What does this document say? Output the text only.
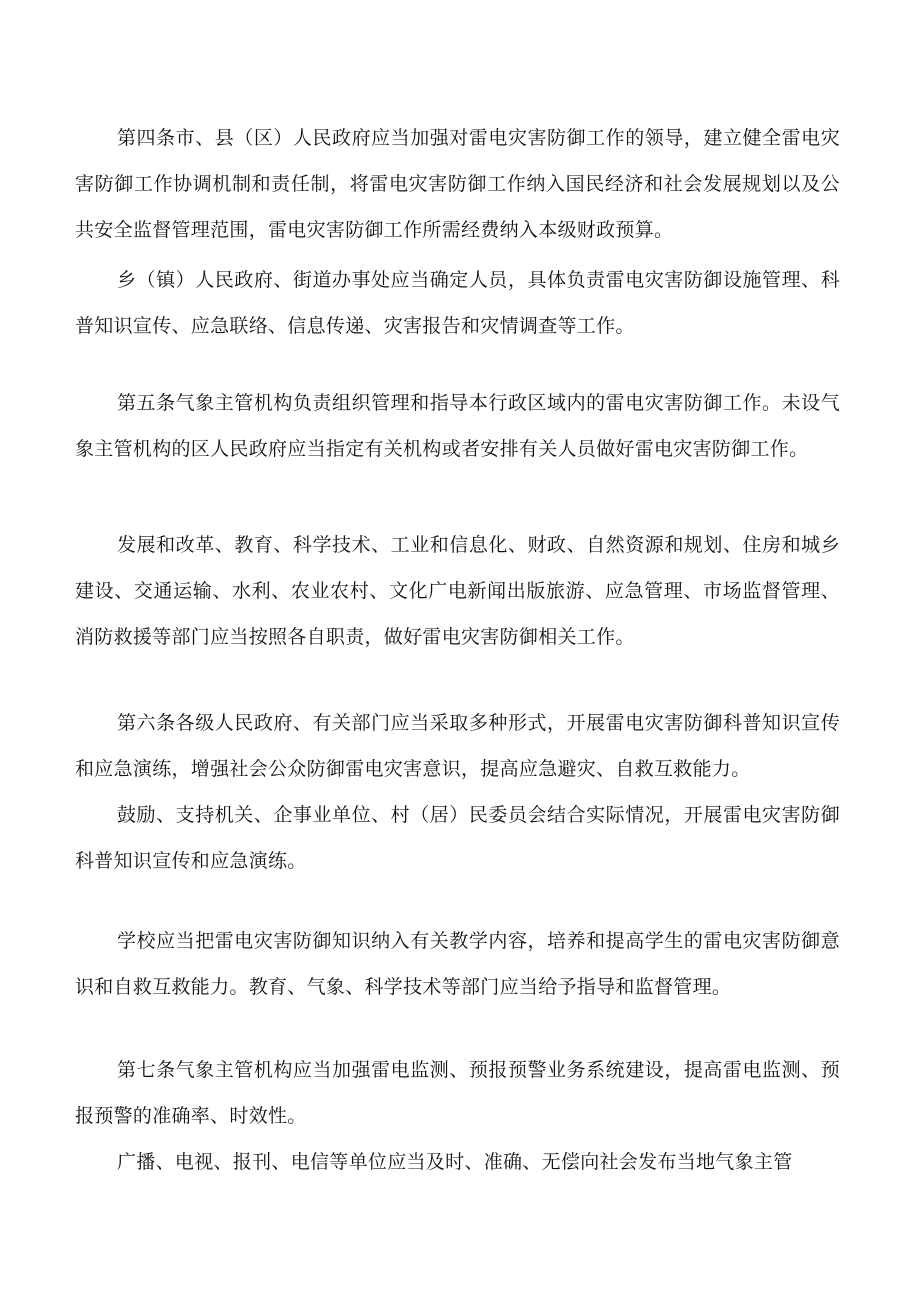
第四条市、县（区）人民政府应当加强对雷电灾害防御工作的领导，建立健全雷电灾害防御工作协调机制和责任制，将雷电灾害防御工作纳入国民经济和社会发展规划以及公共安全监督管理范围，雷电灾害防御工作所需经费纳入本级财政预算。

乡（镇）人民政府、街道办事处应当确定人员，具体负责雷电灾害防御设施管理、科普知识宣传、应急联络、信息传递、灾害报告和灾情调查等工作。

第五条气象主管机构负责组织管理和指导本行政区域内的雷电灾害防御工作。未设气象主管机构的区人民政府应当指定有关机构或者安排有关人员做好雷电灾害防御工作。

发展和改革、教育、科学技术、工业和信息化、财政、自然资源和规划、住房和城乡建设、交通运输、水利、农业农村、文化广电新闻出版旅游、应急管理、市场监督管理、消防救援等部门应当按照各自职责，做好雷电灾害防御相关工作。

第六条各级人民政府、有关部门应当采取多种形式，开展雷电灾害防御科普知识宣传和应急演练，增强社会公众防御雷电灾害意识，提高应急避灾、自救互救能力。

鼓励、支持机关、企事业单位、村（居）民委员会结合实际情况，开展雷电灾害防御科普知识宣传和应急演练。

学校应当把雷电灾害防御知识纳入有关教学内容，培养和提高学生的雷电灾害防御意识和自救互救能力。教育、气象、科学技术等部门应当给予指导和监督管理。

第七条气象主管机构应当加强雷电监测、预报预警业务系统建设，提高雷电监测、预报预警的准确率、时效性。

广播、电视、报刊、电信等单位应当及时、准确、无偿向社会发布当地气象主管
